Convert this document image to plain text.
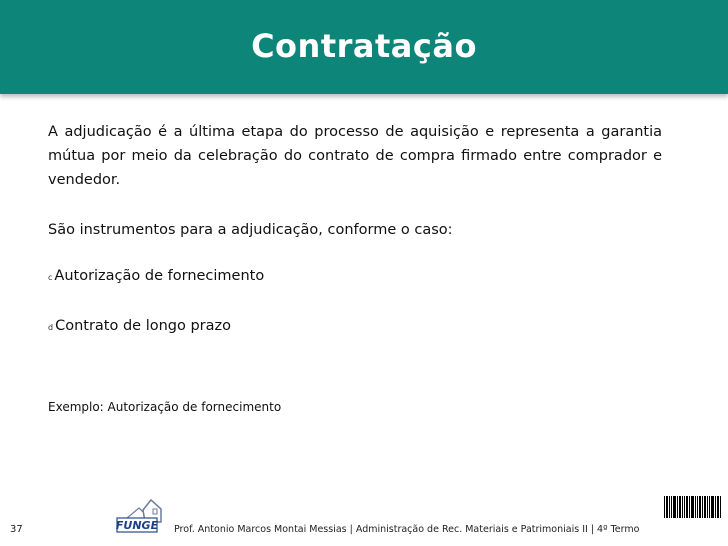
Contratação

A adjudicação é a última etapa do processo de aquisição e representa a garantia mútua por meio da celebração do contrato de compra firmado entre comprador e vendedor.

São instrumentos para a adjudicação, conforme o caso:

c Autorização de fornecimento
d Contrato de longo prazo
Exemplo: Autorização de fornecimento
37	FUNGE Prof. Antonio Marcos Montai Messias | Administração de Rec. Materiais e Patrimoniais II | 4º Termo
